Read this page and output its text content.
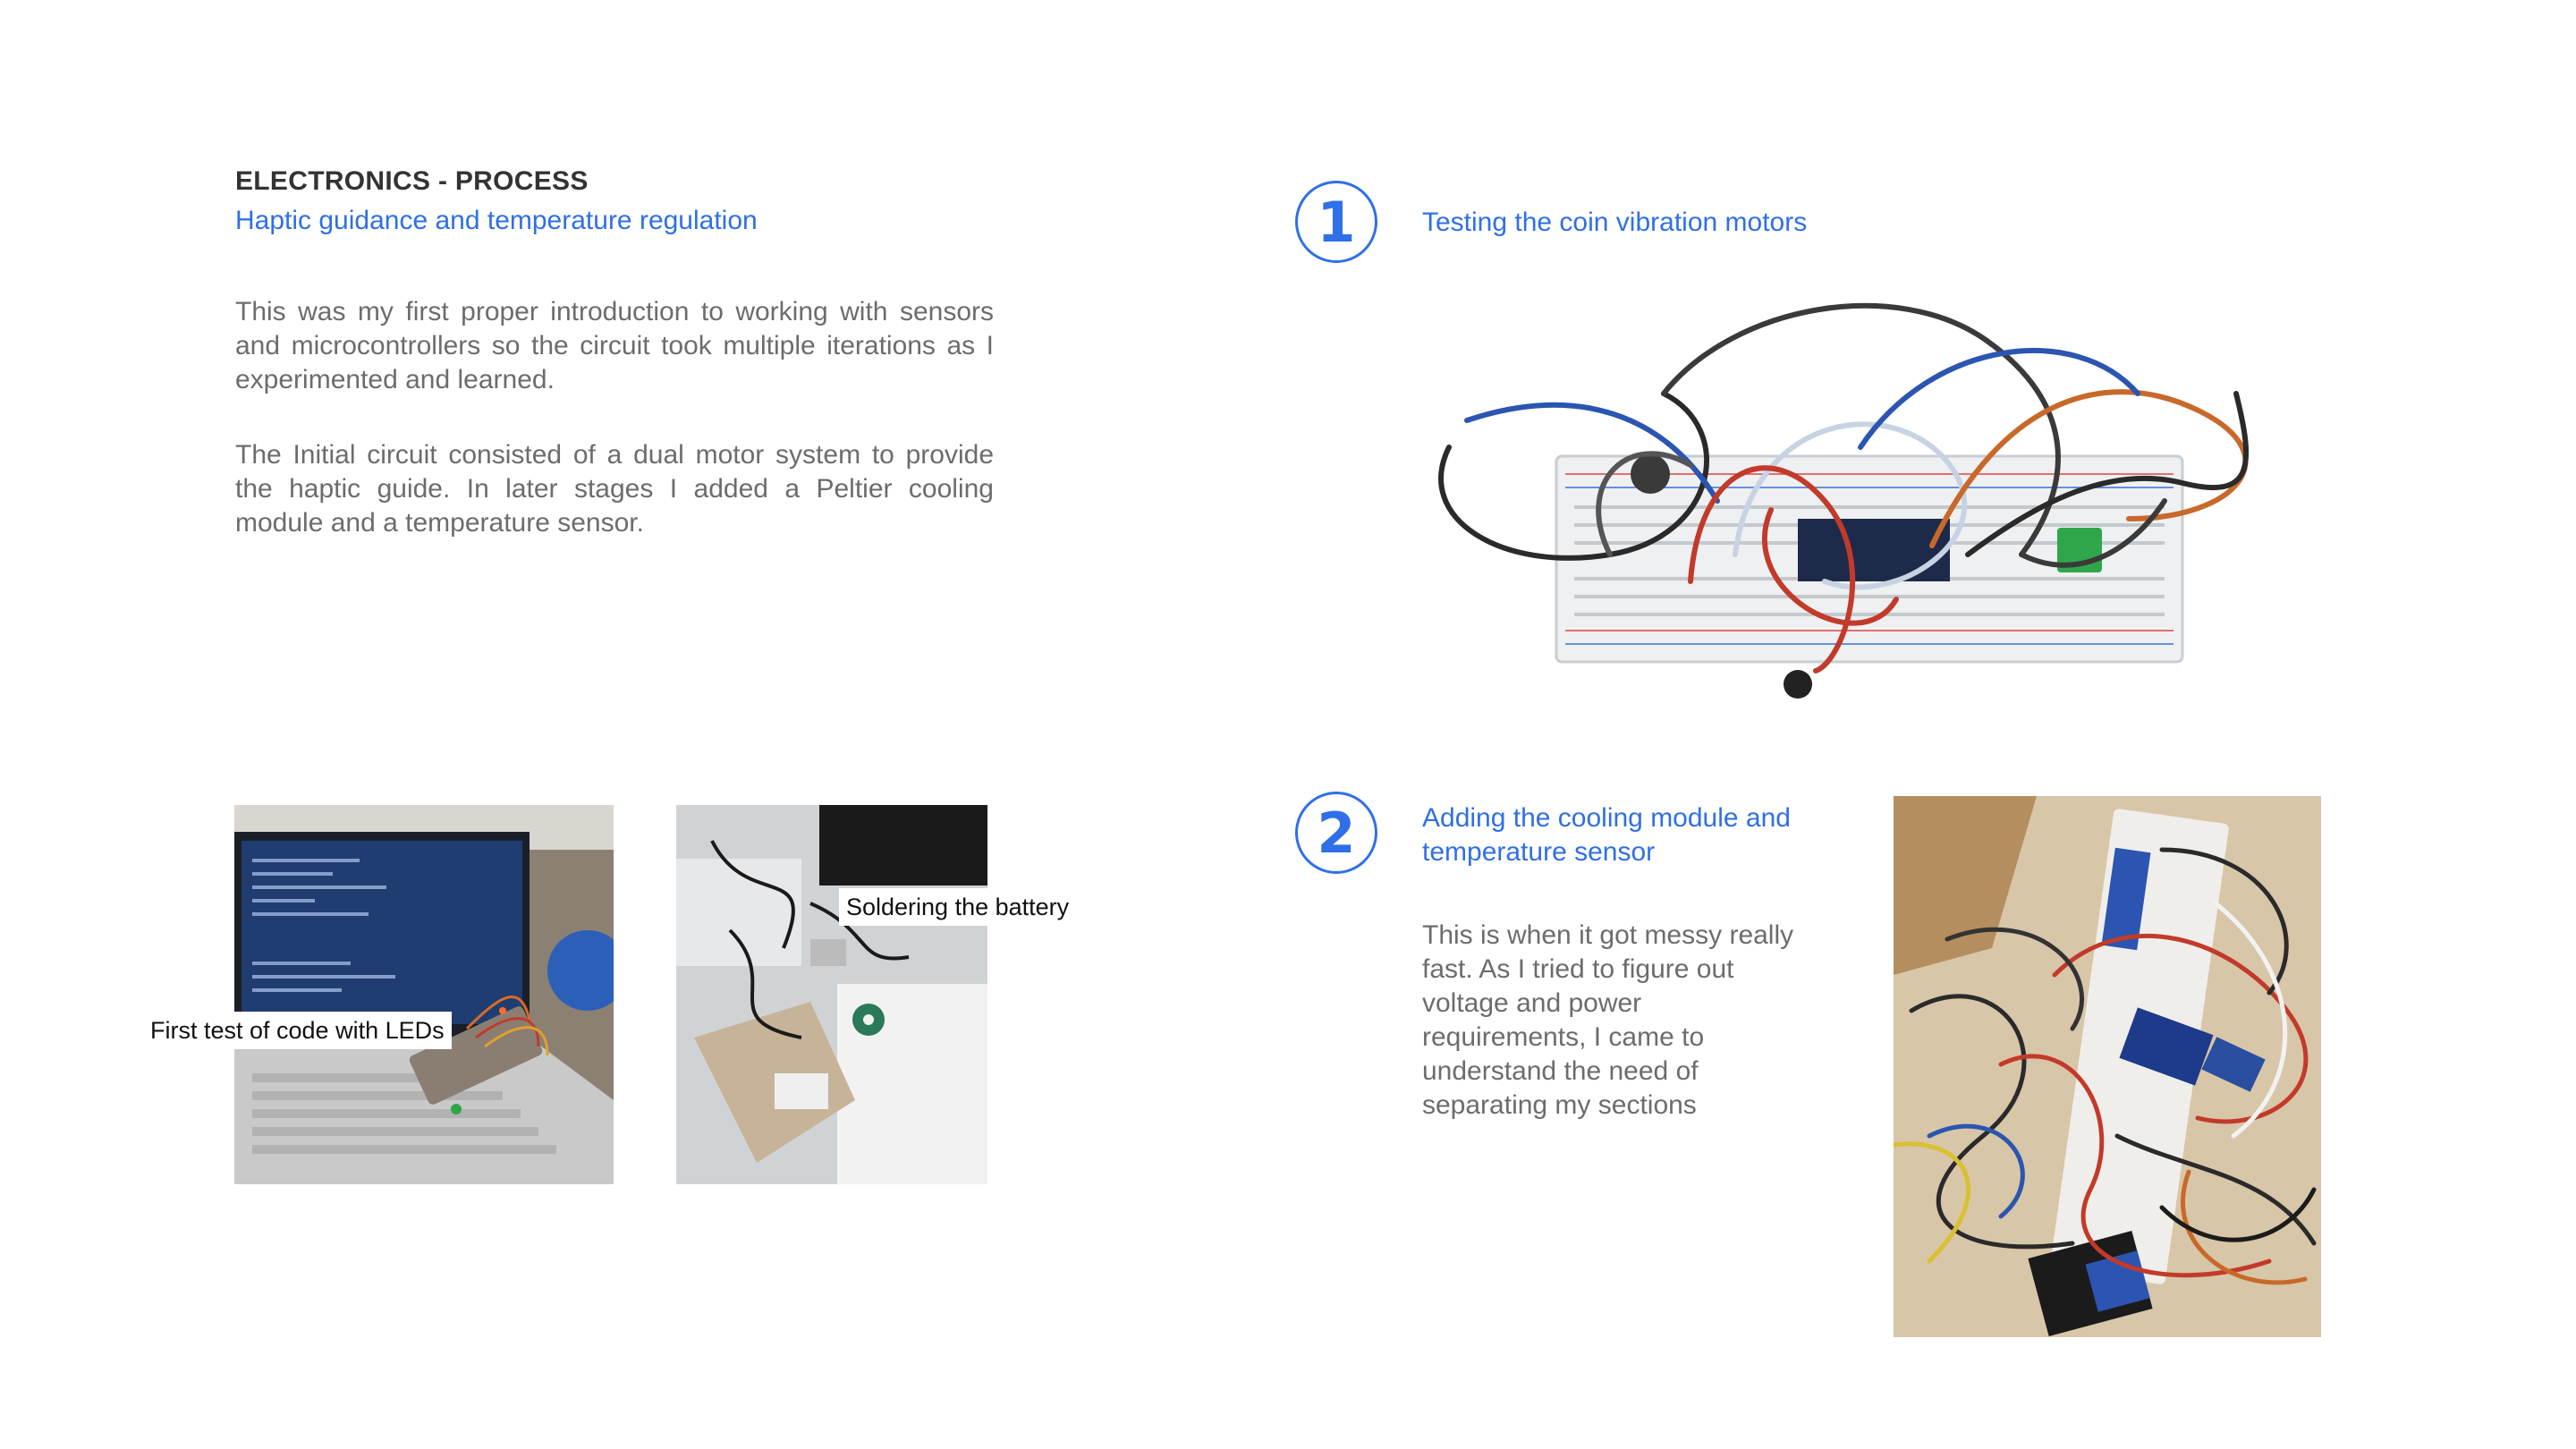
ELECTRONICS - PROCESS
Haptic guidance and temperature regulation
This was my first proper introduction to working with sensors and microcontrollers so the circuit took multiple iterations as I experimented and learned.
The Initial circuit consisted of a dual motor system to provide the haptic guide. In later stages I added a Peltier cooling module and a temperature sensor.
1	Testing the coin vibration motors
2	Adding the cooling module and temperature sensor
This is when it got messy really fast. As I tried to figure out voltage and power requirements, I came to understand the need of separating my sections
First test of code with LEDs
Soldering the battery
